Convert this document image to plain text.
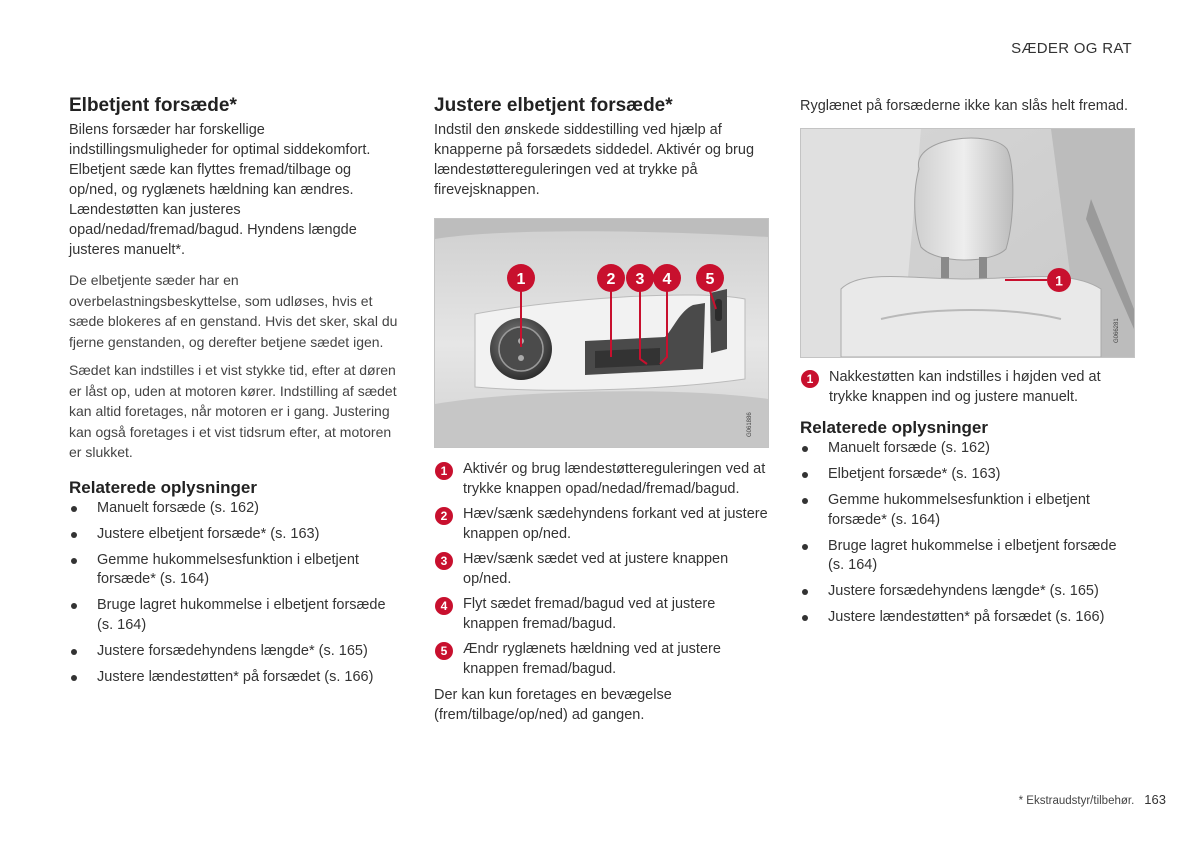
SÆDER OG RAT
Elbetjent forsæde*

Bilens forsæder har forskellige indstillingsmuligheder for optimal siddekomfort. Elbetjent sæde kan flyttes fremad/tilbage og op/ned, og ryglænets hældning kan ændres. Lændestøtten kan justeres opad/nedad/fremad/bagud. Hyndens længde justeres manuelt*.

De elbetjente sæder har en overbelastningsbeskyttelse, som udløses, hvis et sæde blokeres af en genstand. Hvis det sker, skal du fjerne genstanden, og derefter betjene sædet igen.

Sædet kan indstilles i et vist stykke tid, efter at døren er låst op, uden at motoren kører. Indstilling af sædet kan altid foretages, når motoren er i gang. Justering kan også foretages i et vist tidsrum efter, at motoren er slukket.

Relaterede oplysninger
Manuelt forsæde (s. 162)
Justere elbetjent forsæde* (s. 163)
Gemme hukommelsesfunktion i elbetjent forsæde* (s. 164)
Bruge lagret hukommelse i elbetjent forsæde (s. 164)
Justere forsædehyndens længde* (s. 165)
Justere lændestøtten* på forsædet (s. 166)
Justere elbetjent forsæde*

Indstil den ønskede siddestilling ved hjælp af knapperne på forsædets siddedel. Aktivér og brug lændestøttereguleringen ved at trykke på firevejsknappen.

1	2 3 4 5
G061886
1	Aktivér og brug lændestøttereguleringen ved at trykke knappen opad/nedad/fremad/bagud.
2	Hæv/sænk sædehyndens forkant ved at justere knappen op/ned.
3	Hæv/sænk sædet ved at justere knappen op/ned.
4	Flyt sædet fremad/bagud ved at justere knappen fremad/bagud.
5	Ændr ryglænets hældning ved at justere knappen fremad/bagud.

Der kan kun foretages en bevægelse (frem/tilbage/op/ned) ad gangen.

Ryglænet på forsæderne ikke kan slås helt fremad.

1
G066281
1	Nakkestøtten kan indstilles i højden ved at trykke knappen ind og justere manuelt.
Relaterede oplysninger
Manuelt forsæde (s. 162)
Elbetjent forsæde* (s. 163)
Gemme hukommelsesfunktion i elbetjent forsæde* (s. 164)
Bruge lagret hukommelse i elbetjent forsæde (s. 164)
Justere forsædehyndens længde* (s. 165)
Justere lændestøtten* på forsædet (s. 166)
* Ekstraudstyr/tilbehør. 163
